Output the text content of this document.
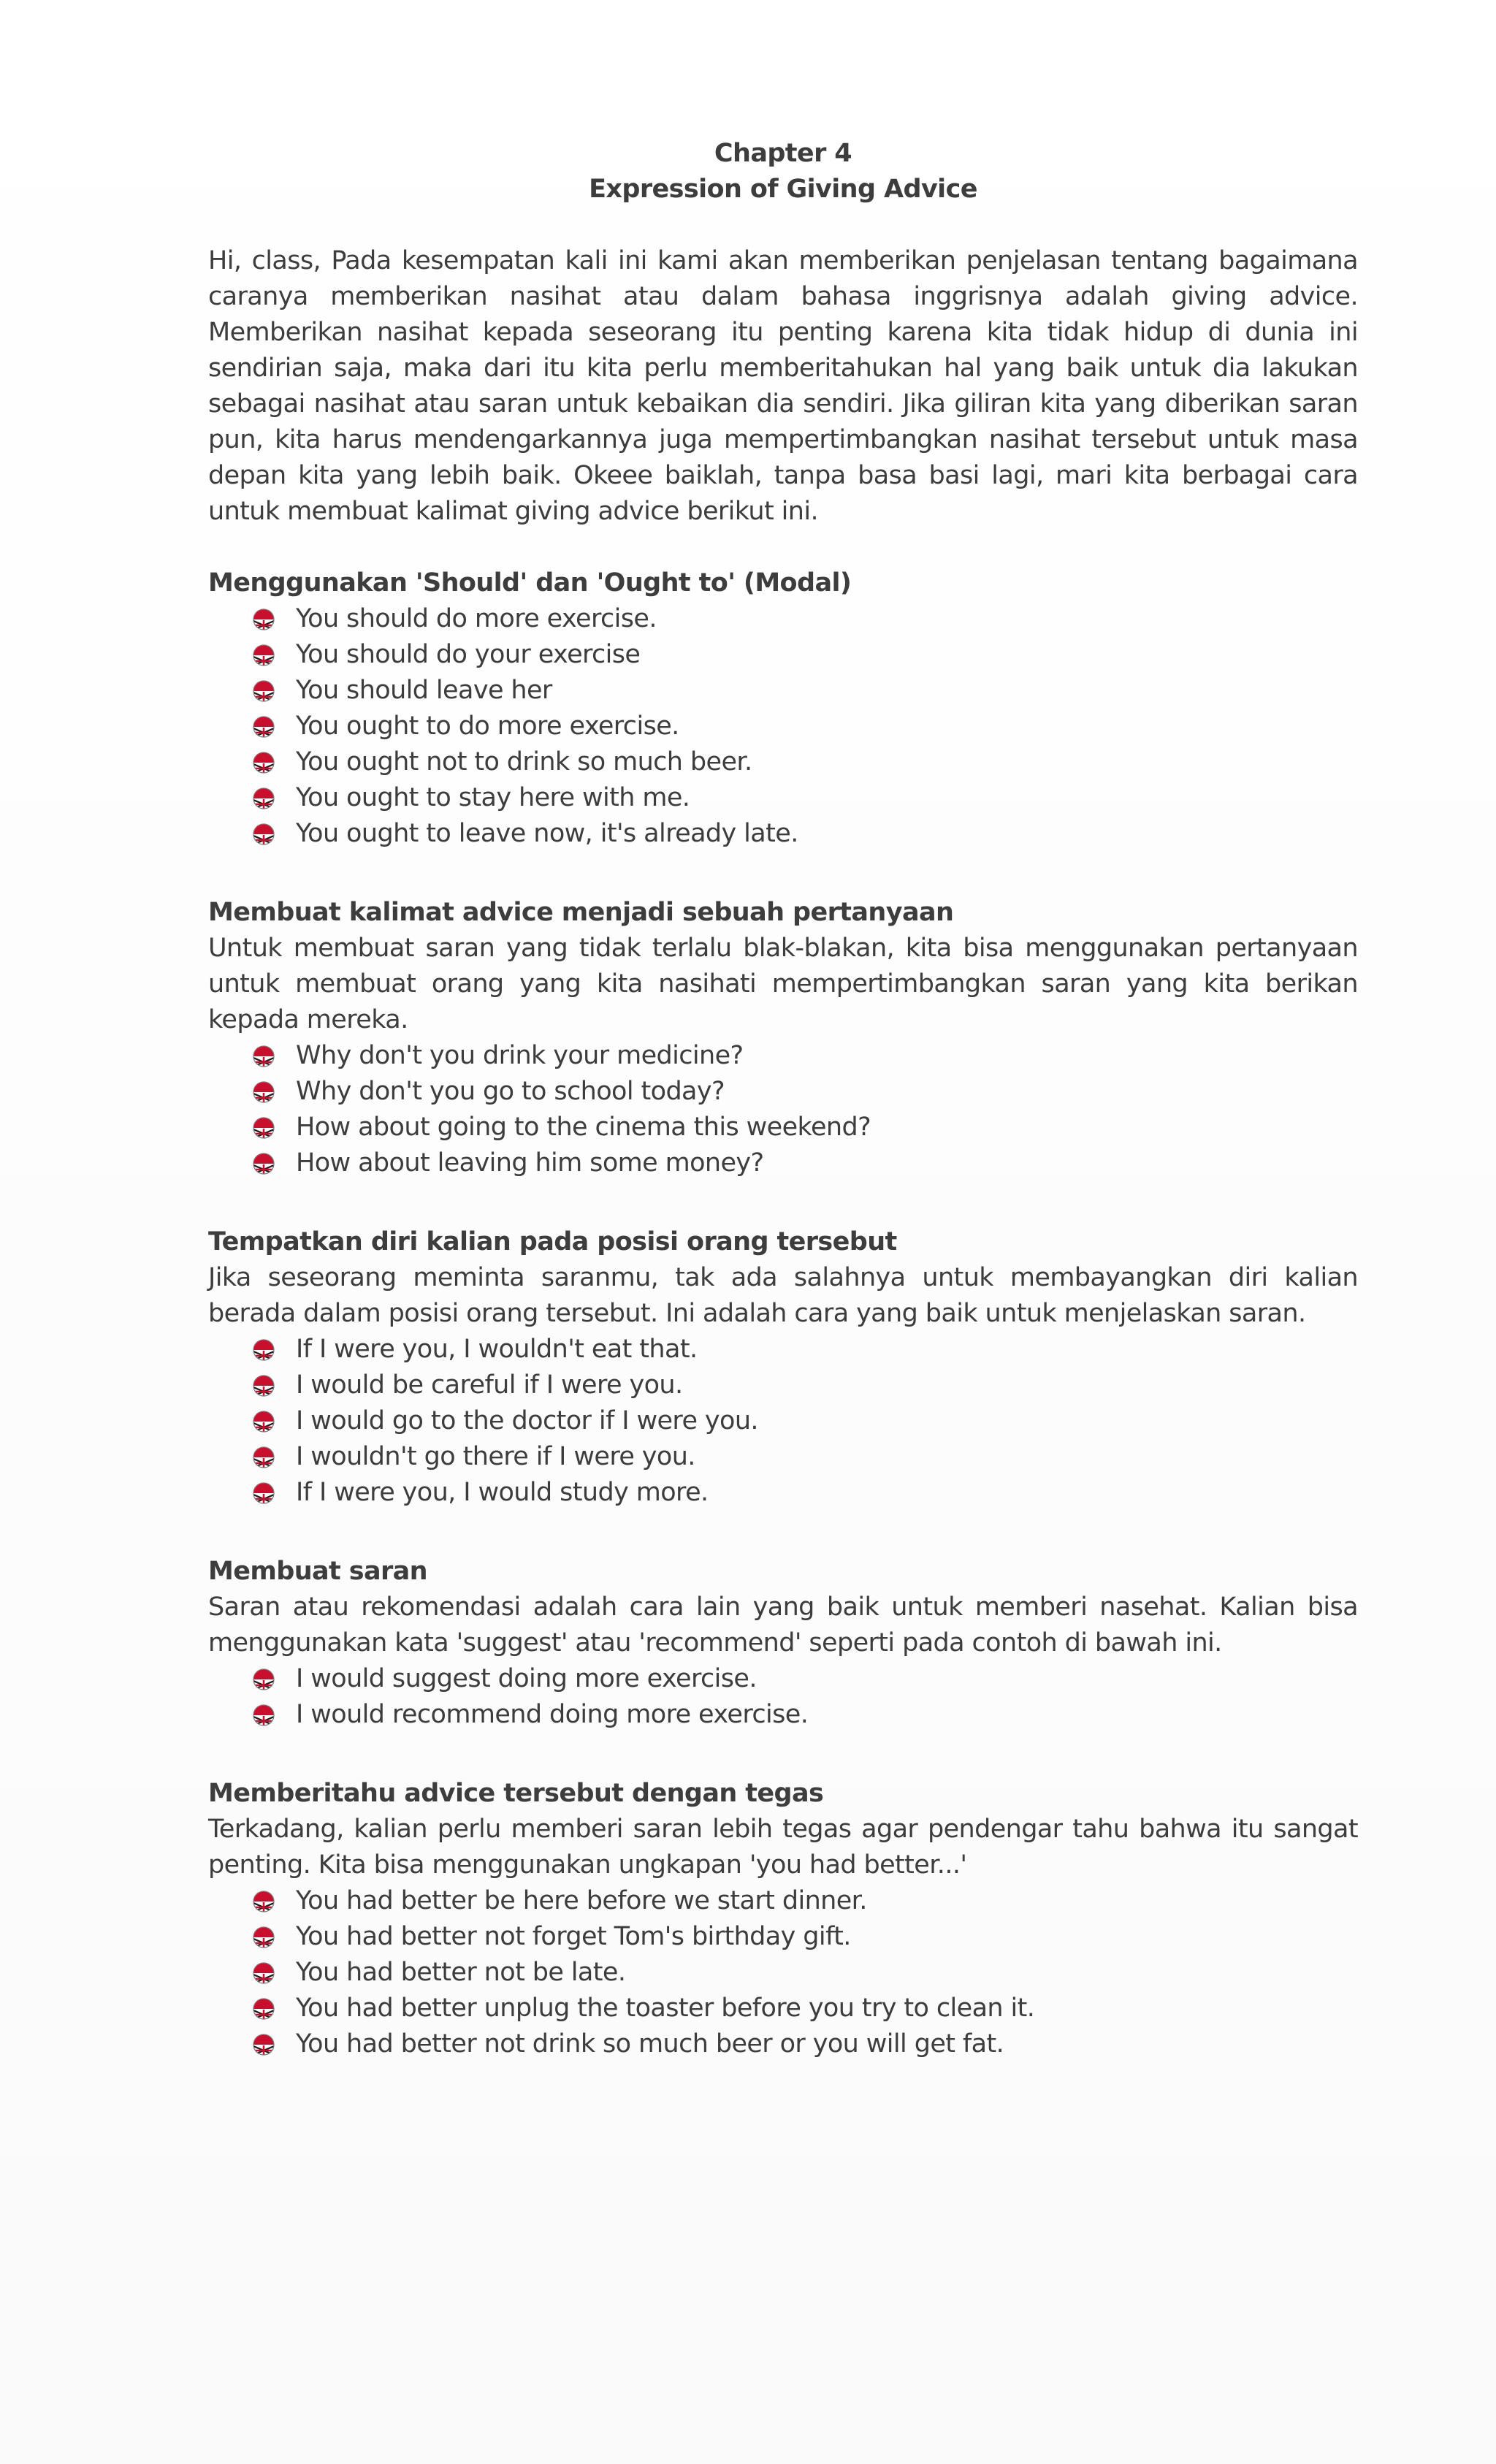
Chapter 4
Expression of Giving Advice

Hi, class, Pada kesempatan kali ini kami akan memberikan penjelasan tentang bagaimana caranya memberikan nasihat atau dalam bahasa inggrisnya adalah giving advice. Memberikan nasihat kepada seseorang itu penting karena kita tidak hidup di dunia ini sendirian saja, maka dari itu kita perlu memberitahukan hal yang baik untuk dia lakukan sebagai nasihat atau saran untuk kebaikan dia sendiri. Jika giliran kita yang diberikan saran pun, kita harus mendengarkannya juga mempertimbangkan nasihat tersebut untuk masa depan kita yang lebih baik. Okeee baiklah, tanpa basa basi lagi, mari kita berbagai cara untuk membuat kalimat giving advice berikut ini.

Menggunakan 'Should' dan 'Ought to' (Modal)
You should do more exercise.
You should do your exercise
You should leave her
You ought to do more exercise.
You ought not to drink so much beer.
You ought to stay here with me.
You ought to leave now, it's already late.
Membuat kalimat advice menjadi sebuah pertanyaan

Untuk membuat saran yang tidak terlalu blak-blakan, kita bisa menggunakan pertanyaan untuk membuat orang yang kita nasihati mempertimbangkan saran yang kita berikan kepada mereka.

Why don't you drink your medicine?
Why don't you go to school today?
How about going to the cinema this weekend?
How about leaving him some money?
Tempatkan diri kalian pada posisi orang tersebut

Jika seseorang meminta saranmu, tak ada salahnya untuk membayangkan diri kalian berada dalam posisi orang tersebut. Ini adalah cara yang baik untuk menjelaskan saran.

If I were you, I wouldn't eat that.
I would be careful if I were you.
I would go to the doctor if I were you.
I wouldn't go there if I were you.
If I were you, I would study more.
Membuat saran

Saran atau rekomendasi adalah cara lain yang baik untuk memberi nasehat. Kalian bisa menggunakan kata 'suggest' atau 'recommend' seperti pada contoh di bawah ini.

I would suggest doing more exercise.
I would recommend doing more exercise.
Memberitahu advice tersebut dengan tegas

Terkadang, kalian perlu memberi saran lebih tegas agar pendengar tahu bahwa itu sangat penting. Kita bisa menggunakan ungkapan 'you had better...'

You had better be here before we start dinner.
You had better not forget Tom's birthday gift.
You had better not be late.
You had better unplug the toaster before you try to clean it.
You had better not drink so much beer or you will get fat.
